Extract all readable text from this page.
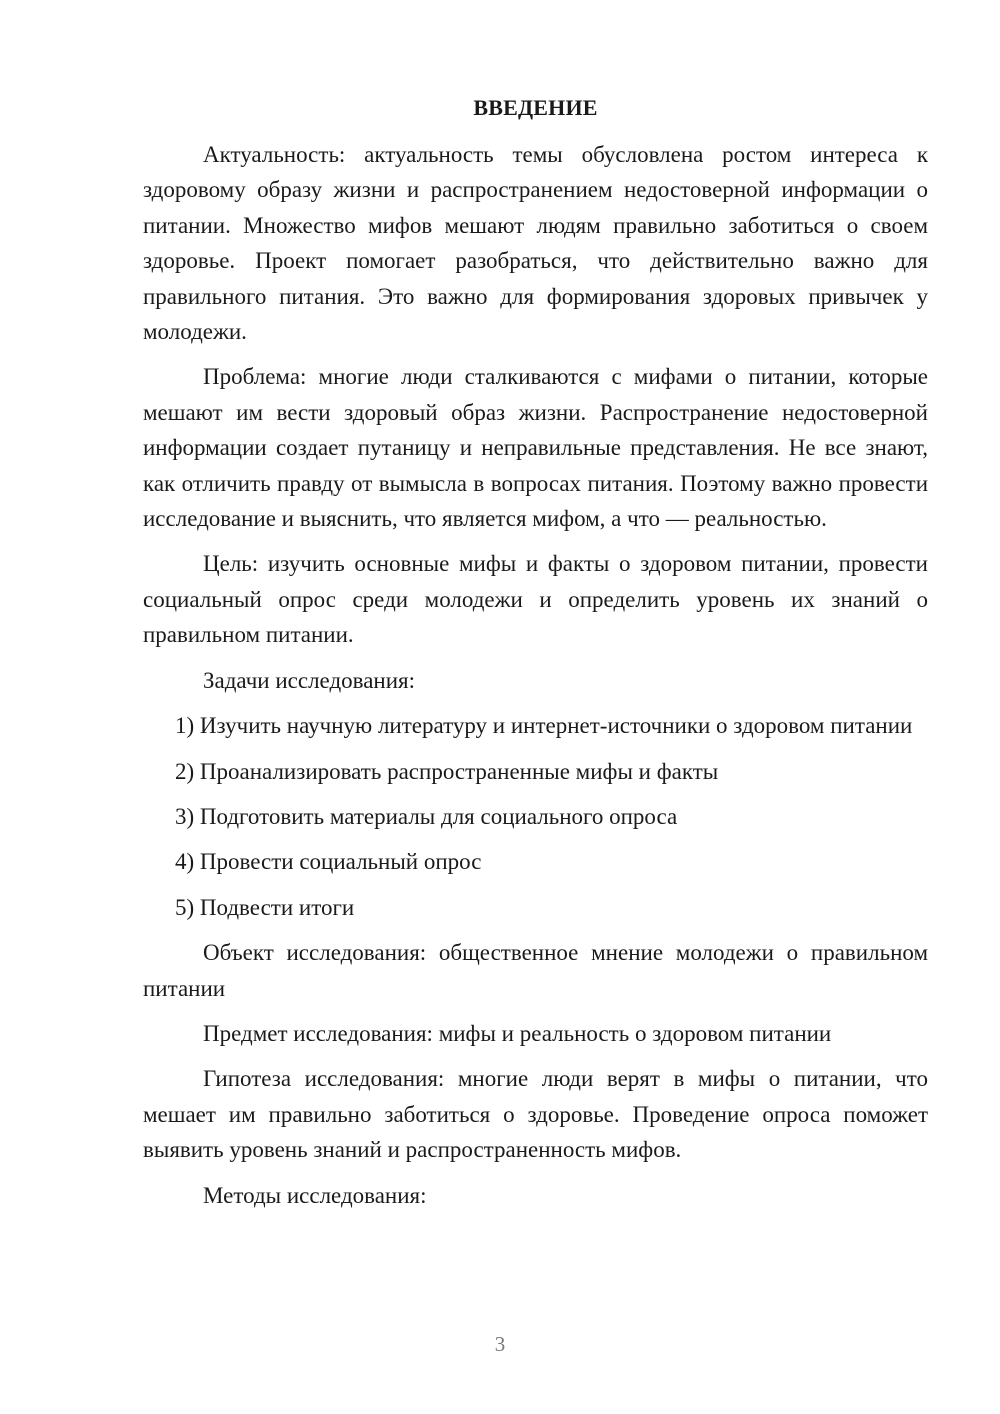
ВВЕДЕНИЕ

Актуальность: актуальность темы обусловлена ростом интереса к здоровому образу жизни и распространением недостоверной информации о питании. Множество мифов мешают людям правильно заботиться о своем здоровье. Проект помогает разобраться, что действительно важно для правильного питания. Это важно для формирования здоровых привычек у молодежи.

Проблема: многие люди сталкиваются с мифами о питании, которые мешают им вести здоровый образ жизни. Распространение недостоверной информации создает путаницу и неправильные представления. Не все знают, как отличить правду от вымысла в вопросах питания. Поэтому важно провести исследование и выяснить, что является мифом, а что — реальностью.

Цель: изучить основные мифы и факты о здоровом питании, провести социальный опрос среди молодежи и определить уровень их знаний о правильном питании.

Задачи исследования:

1) Изучить научную литературу и интернет-источники о здоровом питании

2) Проанализировать распространенные мифы и факты

3) Подготовить материалы для социального опроса

4) Провести социальный опрос

5) Подвести итоги

Объект исследования: общественное мнение молодежи о правильном питании

Предмет исследования: мифы и реальность о здоровом питании

Гипотеза исследования: многие люди верят в мифы о питании, что мешает им правильно заботиться о здоровье. Проведение опроса поможет выявить уровень знаний и распространенность мифов.

Методы исследования:

3
